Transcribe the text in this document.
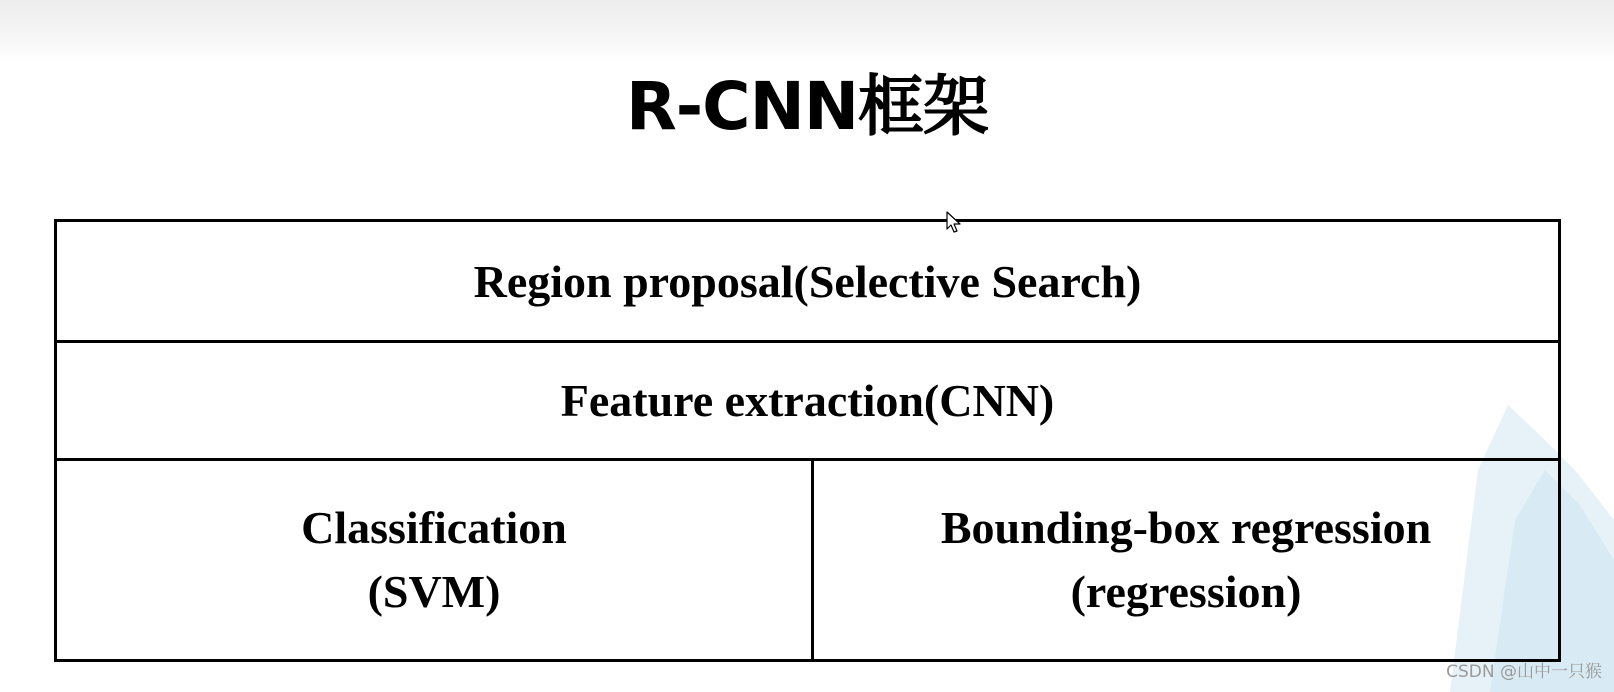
R-CNN框架
Region proposal(Selective Search)
Feature extraction(CNN)
Classification
(SVM)
Bounding-box regression
(regression)
CSDN @山中一只猴
